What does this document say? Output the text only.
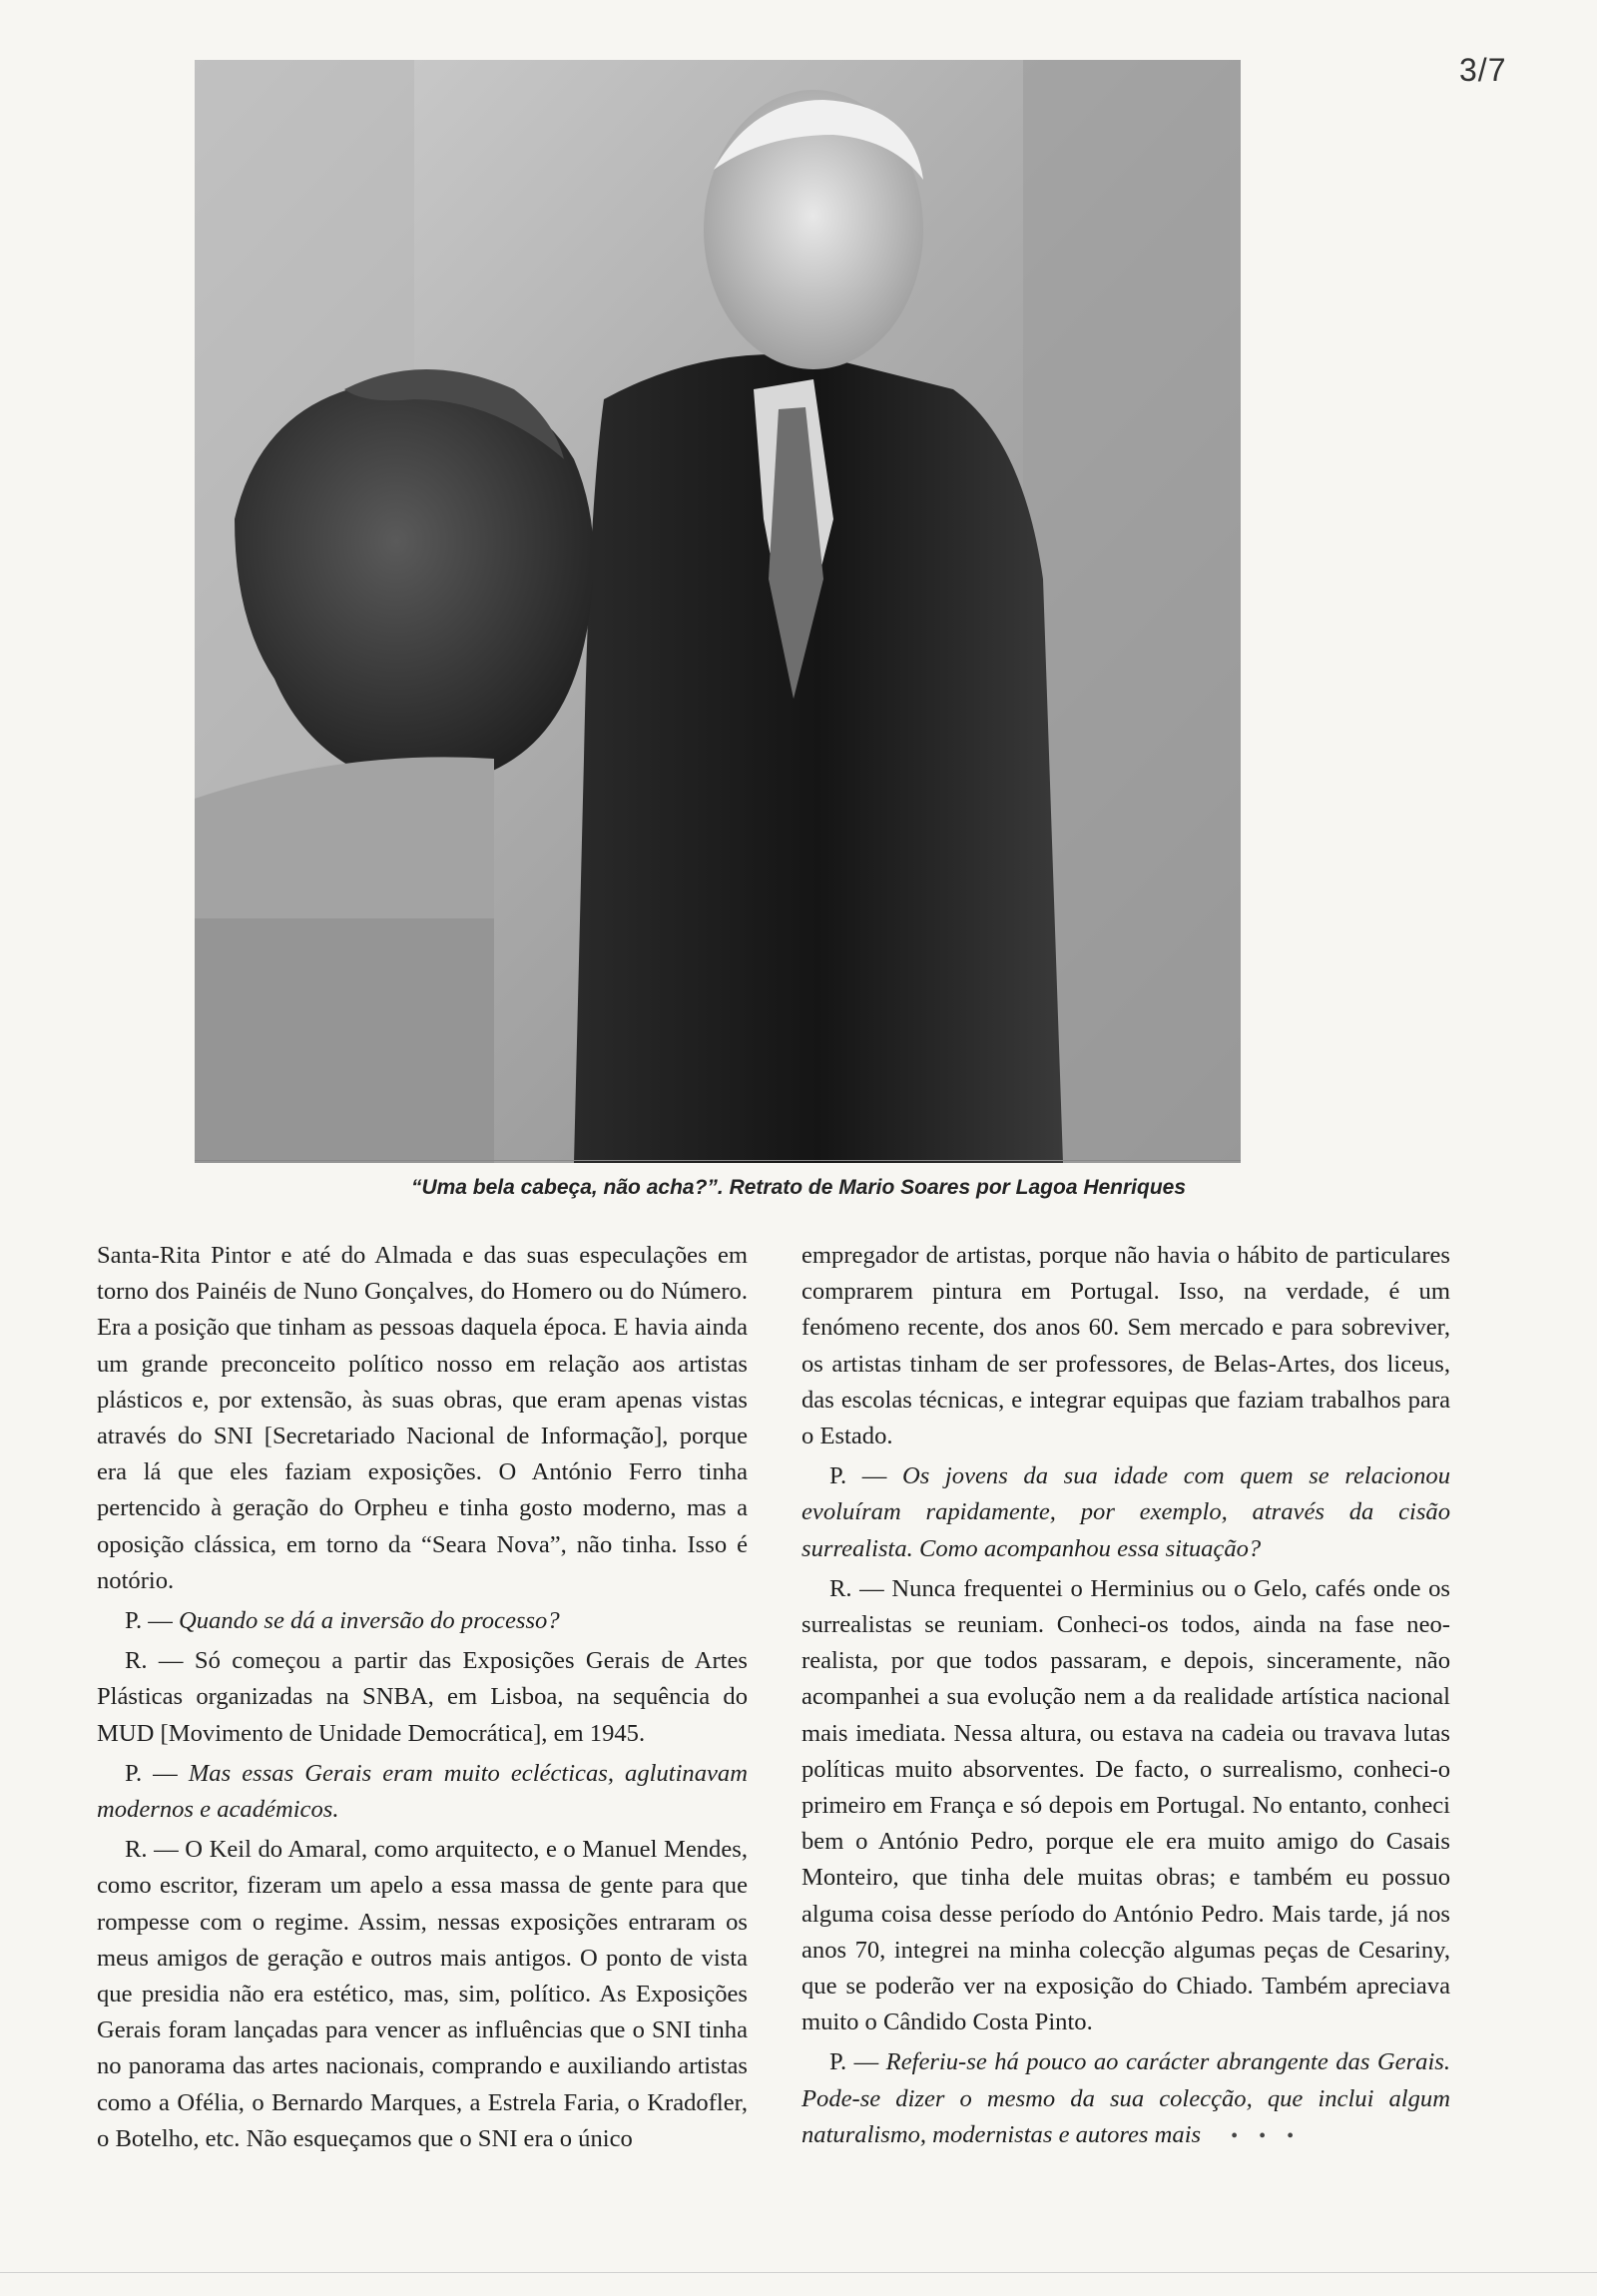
3/7
“Uma bela cabeça, não acha?”. Retrato de Mario Soares por Lagoa Henriques

Santa-Rita Pintor e até do Almada e das suas especulações em torno dos Painéis de Nuno Gonçalves, do Homero ou do Número. Era a posição que tinham as pessoas daquela época. E havia ainda um grande preconceito político nosso em relação aos artistas plásticos e, por extensão, às suas obras, que eram apenas vistas através do SNI [Secretariado Nacional de Informação], porque era lá que eles faziam exposições. O António Ferro tinha pertencido à geração do Orpheu e tinha gosto moderno, mas a oposição clássica, em torno da “Seara Nova”, não tinha. Isso é notório.

P. — Quando se dá a inversão do processo?

R. — Só começou a partir das Exposições Gerais de Artes Plásticas organizadas na SNBA, em Lisboa, na sequência do MUD [Movimento de Unidade Democrática], em 1945.

P. — Mas essas Gerais eram muito eclécticas, aglutinavam modernos e académicos.

R. — O Keil do Amaral, como arquitecto, e o Manuel Mendes, como escritor, fizeram um apelo a essa massa de gente para que rompesse com o regime. Assim, nessas exposições entraram os meus amigos de geração e outros mais antigos. O ponto de vista que presidia não era estético, mas, sim, político. As Exposições Gerais foram lançadas para vencer as influências que o SNI tinha no panorama das artes nacionais, comprando e auxiliando artistas como a Ofélia, o Bernardo Marques, a Estrela Faria, o Kradofler, o Botelho, etc. Não esqueçamos que o SNI era o único

empregador de artistas, porque não havia o hábito de particulares comprarem pintura em Portugal. Isso, na verdade, é um fenómeno recente, dos anos 60. Sem mercado e para sobreviver, os artistas tinham de ser professores, de Belas-Artes, dos liceus, das escolas técnicas, e integrar equipas que faziam trabalhos para o Estado.

P. — Os jovens da sua idade com quem se relacionou evoluíram rapidamente, por exemplo, através da cisão surrealista. Como acompanhou essa situação?

R. — Nunca frequentei o Herminius ou o Gelo, cafés onde os surrealistas se reuniam. Conheci-os todos, ainda na fase neo-realista, por que todos passaram, e depois, sinceramente, não acompanhei a sua evolução nem a da realidade artística nacional mais imediata. Nessa altura, ou estava na cadeia ou travava lutas políticas muito absorventes. De facto, o surrealismo, conheci-o primeiro em França e só depois em Portugal. No entanto, conheci bem o António Pedro, porque ele era muito amigo do Casais Monteiro, que tinha dele muitas obras; e também eu possuo alguma coisa desse período do António Pedro. Mais tarde, já nos anos 70, integrei na minha colecção algumas peças de Cesariny, que se poderão ver na exposição do Chiado. Também apreciava muito o Cândido Costa Pinto.

P. — Referiu-se há pouco ao carácter abrangente das Gerais. Pode-se dizer o mesmo da sua colecção, que inclui algum naturalismo, modernistas e autores mais • • •
